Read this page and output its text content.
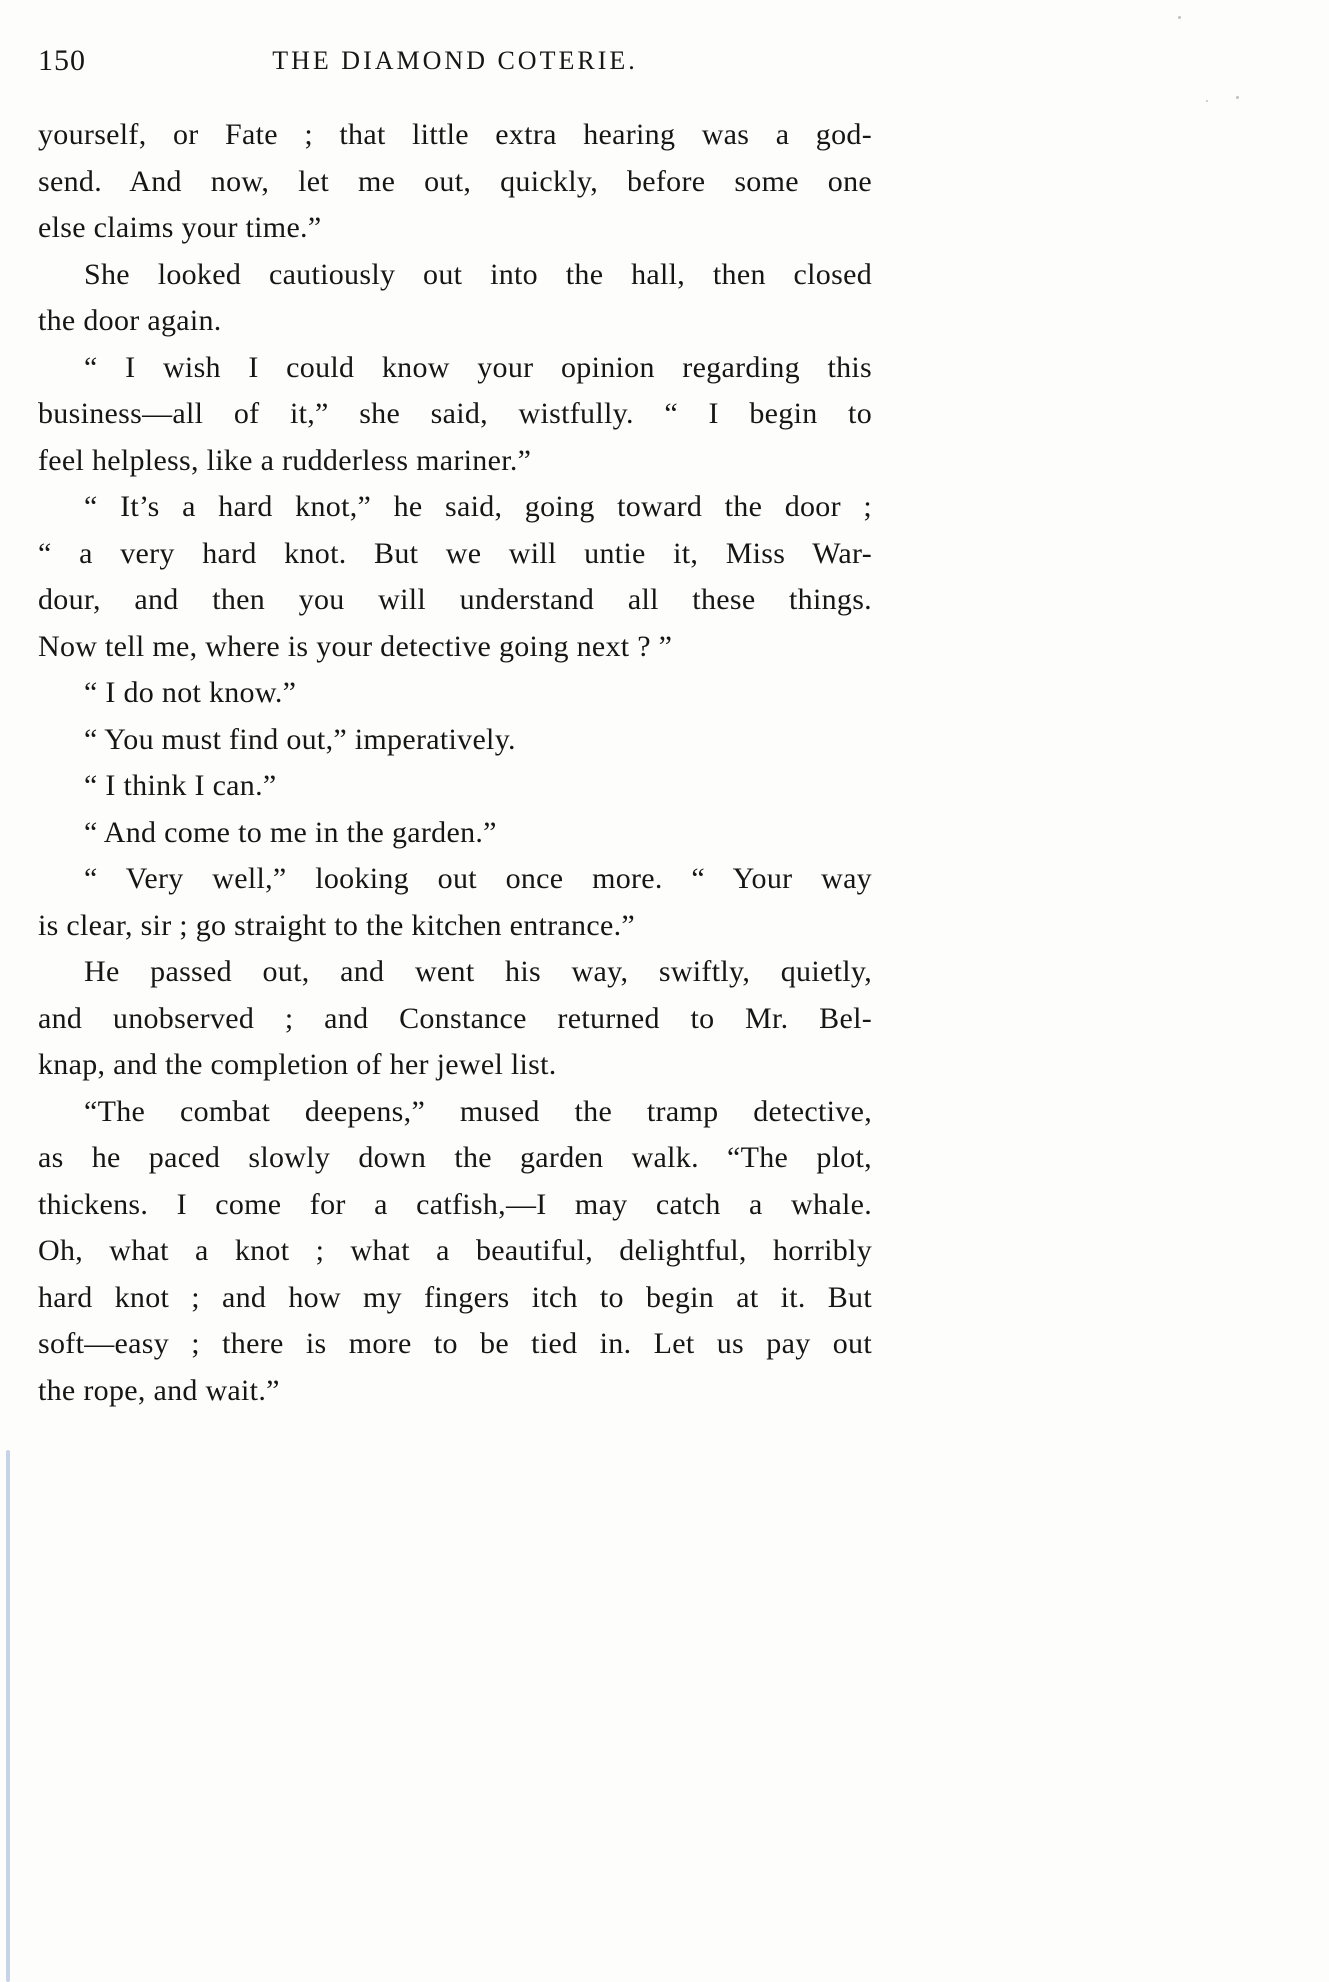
150	THE DIAMOND COTERIE.
yourself, or Fate ; that little extra hearing was a god-
send. And now, let me out, quickly, before some one
else claims your time.”
She looked cautiously out into the hall, then closed
the door again.
“ I wish I could know your opinion regarding this
business—all of it,” she said, wistfully. “ I begin to
feel helpless, like a rudderless mariner.”
“ It’s a hard knot,” he said, going toward the door ;
“ a very hard knot. But we will untie it, Miss War-
dour, and then you will understand all these things.
Now tell me, where is your detective going next ? ”
“ I do not know.”
“ You must find out,” imperatively.
“ I think I can.”
“ And come to me in the garden.”
“ Very well,” looking out once more. “ Your way
is clear, sir ; go straight to the kitchen entrance.”
He passed out, and went his way, swiftly, quietly,
and unobserved ; and Constance returned to Mr. Bel-
knap, and the completion of her jewel list.
“The combat deepens,” mused the tramp detective,
as he paced slowly down the garden walk. “The plot,
thickens. I come for a catfish,—I may catch a whale.
Oh, what a knot ; what a beautiful, delightful, horribly
hard knot ; and how my fingers itch to begin at it. But
soft—easy ; there is more to be tied in. Let us pay out
the rope, and wait.”
